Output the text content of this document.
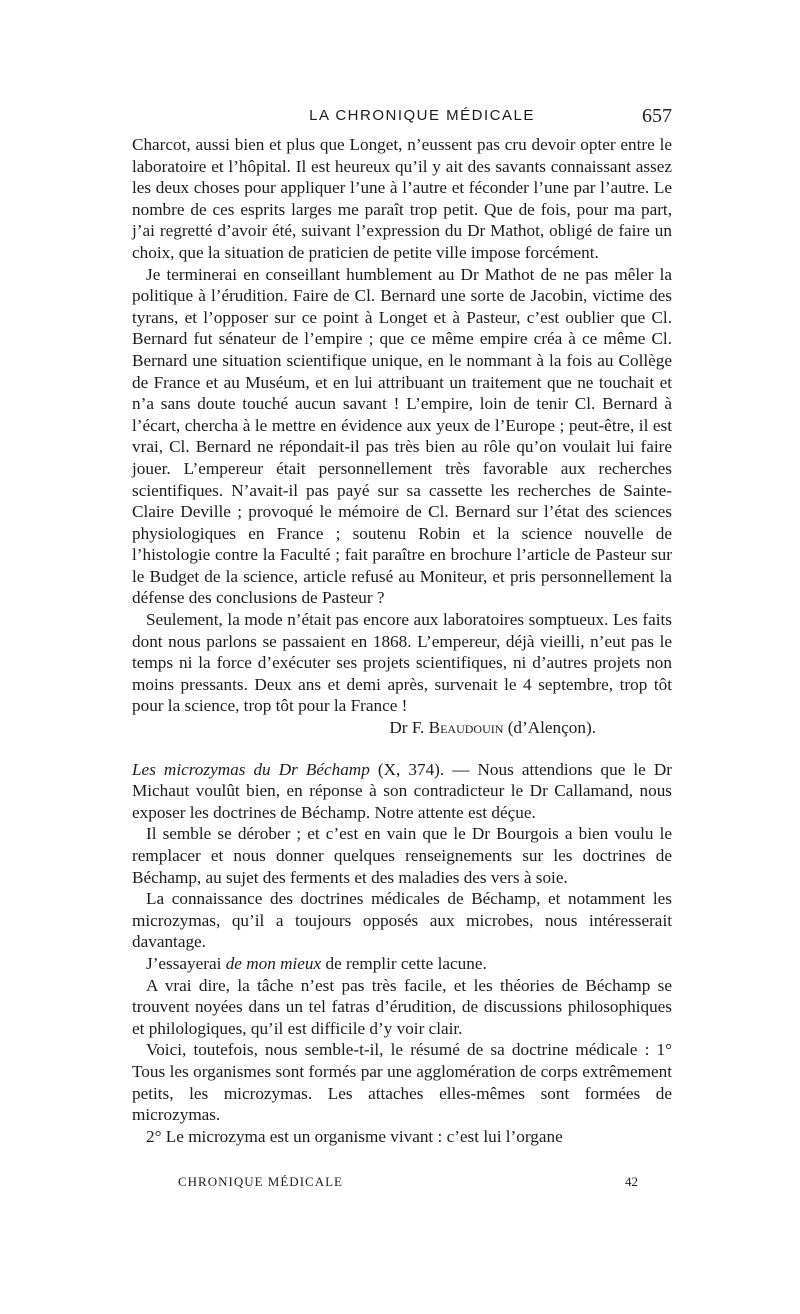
LA CHRONIQUE MÉDICALE	657

Charcot, aussi bien et plus que Longet, n’eussent pas cru devoir opter entre le laboratoire et l’hôpital. Il est heureux qu’il y ait des savants connaissant assez les deux choses pour appliquer l’une à l’autre et féconder l’une par l’autre. Le nombre de ces esprits larges me paraît trop petit. Que de fois, pour ma part, j’ai regretté d’avoir été, suivant l’expression du Dr Mathot, obligé de faire un choix, que la situation de praticien de petite ville impose forcément.

Je terminerai en conseillant humblement au Dr Mathot de ne pas mêler la politique à l’érudition. Faire de Cl. Bernard une sorte de Jacobin, victime des tyrans, et l’opposer sur ce point à Longet et à Pasteur, c’est oublier que Cl. Bernard fut sénateur de l’empire ; que ce même empire créa à ce même Cl. Bernard une situation scientifique unique, en le nommant à la fois au Collège de France et au Muséum, et en lui attribuant un traitement que ne touchait et n’a sans doute touché aucun savant ! L’empire, loin de tenir Cl. Bernard à l’écart, chercha à le mettre en évidence aux yeux de l’Europe ; peut-être, il est vrai, Cl. Bernard ne répondait-il pas très bien au rôle qu’on voulait lui faire jouer. L’empereur était personnellement très favorable aux recherches scientifiques. N’avait-il pas payé sur sa cassette les recherches de Sainte-Claire Deville ; provoqué le mémoire de Cl. Bernard sur l’état des sciences physiologiques en France ; soutenu Robin et la science nouvelle de l’histologie contre la Faculté ; fait paraître en brochure l’article de Pasteur sur le Budget de la science, article refusé au Moniteur, et pris personnellement la défense des conclusions de Pasteur ?

Seulement, la mode n’était pas encore aux laboratoires somptueux. Les faits dont nous parlons se passaient en 1868. L’empereur, déjà vieilli, n’eut pas le temps ni la force d’exécuter ses projets scientifiques, ni d’autres projets non moins pressants. Deux ans et demi après, survenait le 4 septembre, trop tôt pour la science, trop tôt pour la France !

Dr F. Beaudouin (d’Alençon).

Les microzymas du Dr Béchamp (X, 374). — Nous attendions que le Dr Michaut voulût bien, en réponse à son contradicteur le Dr Callamand, nous exposer les doctrines de Béchamp. Notre attente est déçue.

Il semble se dérober ; et c’est en vain que le Dr Bourgois a bien voulu le remplacer et nous donner quelques renseignements sur les doctrines de Béchamp, au sujet des ferments et des maladies des vers à soie.

La connaissance des doctrines médicales de Béchamp, et notamment les microzymas, qu’il a toujours opposés aux microbes, nous intéresserait davantage.

J’essayerai de mon mieux de remplir cette lacune.

A vrai dire, la tâche n’est pas très facile, et les théories de Béchamp se trouvent noyées dans un tel fatras d’érudition, de discussions philosophiques et philologiques, qu’il est difficile d’y voir clair.

Voici, toutefois, nous semble-t-il, le résumé de sa doctrine médicale : 1° Tous les organismes sont formés par une agglomération de corps extrêmement petits, les microzymas. Les attaches elles-mêmes sont formées de microzymas.

2° Le microzyma est un organisme vivant : c’est lui l’organe

CHRONIQUE MÉDICALE	42
